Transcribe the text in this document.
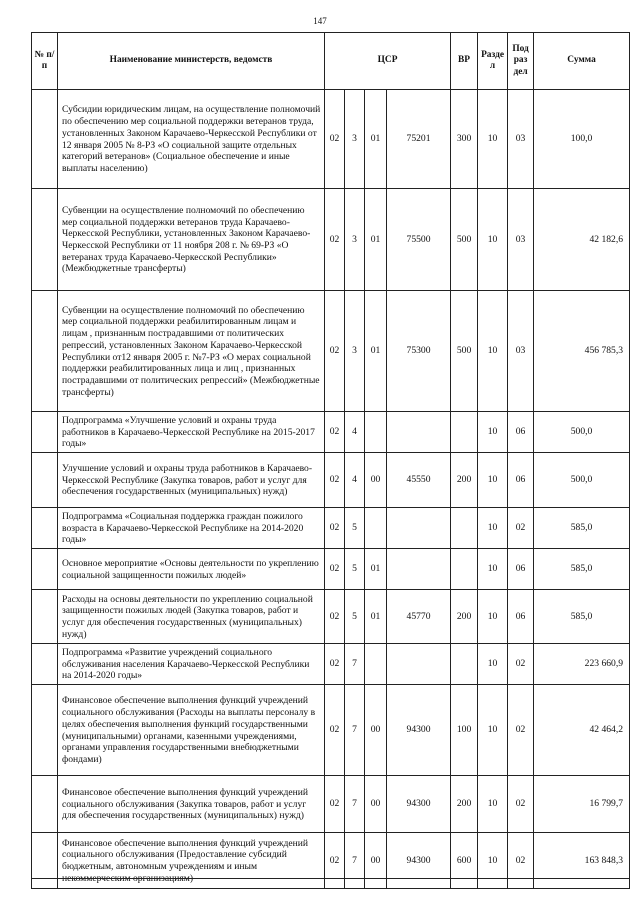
147
№ п/п	Наименование министерств, ведомств	ЦСР				ВР	Разде л	Под раз дел	Сумма
	Субсидии юридическим лицам, на осуществление полномочий по обеспечению мер социальной поддержки ветеранов труда, установленных Законом Карачаево-Черкесской Республики от 12 января 2005 № 8-РЗ «О социальной защите отдельных категорий ветеранов» (Социальное обеспечение и иные выплаты населению)	02	3	01	75201	300	10	03	100,0
	Субвенции на осуществление полномочий по обеспечению мер социальной поддержки ветеранов труда Карачаево-Черкесской Республики, установленных Законом Карачаево-Черкесской Республики от 11 ноября 208 г. № 69-РЗ «О ветеранах труда Карачаево-Черкесской Республики» (Межбюджетные трансферты)	02	3	01	75500	500	10	03	42 182,6
	Субвенции на осуществление полномочий по обеспечению мер социальной поддержки реабилитированным лицам и лицам , признанным пострадавшими от политических репрессий, установленных Законом Карачаево-Черкесской Республики от12 января 2005 г. №7-РЗ «О мерах социальной поддержки реабилитированных лица и лиц , признанных пострадавшими от политических репрессий» (Межбюджетные трансферты)	02	3	01	75300	500	10	03	456 785,3
	Подпрограмма «Улучшение условий и охраны труда работников в Карачаево-Черкесской Республике на 2015-2017 годы»	02	4				10	06	500,0
	Улучшение условий и охраны труда работников в Карачаево-Черкесской Республике (Закупка товаров, работ и услуг для обеспечения государственных (муниципальных) нужд)	02	4	00	45550	200	10	06	500,0
	Подпрограмма «Социальная поддержка граждан пожилого возраста в Карачаево-Черкесской Республике на 2014-2020 годы»	02	5				10	02	585,0
	Основное мероприятие «Основы деятельности по укреплению социальной защищенности пожилых людей»	02	5	01			10	06	585,0
	Расходы на основы деятельности по укреплению социальной защищенности пожилых людей (Закупка товаров, работ и услуг для обеспечения государственных (муниципальных) нужд)	02	5	01	45770	200	10	06	585,0
	Подпрограмма «Развитие учреждений социального обслуживания населения Карачаево-Черкесской Республики на 2014-2020 годы»	02	7				10	02	223 660,9
	Финансовое обеспечение выполнения функций учреждений социального обслуживания (Расходы на выплаты персоналу в целях обеспечения выполнения функций государственными (муниципальными) органами, казенными учреждениями, органами управления государственными внебюджетными фондами)	02	7	00	94300	100	10	02	42 464,2
	Финансовое обеспечение выполнения функций учреждений социального обслуживания (Закупка товаров, работ и услуг для обеспечения государственных (муниципальных) нужд)	02	7	00	94300	200	10	02	16 799,7
	Финансовое обеспечение выполнения функций учреждений социального обслуживания (Предоставление субсидий бюджетным, автономным учреждениям и иным некоммерческим организациям)	02	7	00	94300	600	10	02	163 848,3
